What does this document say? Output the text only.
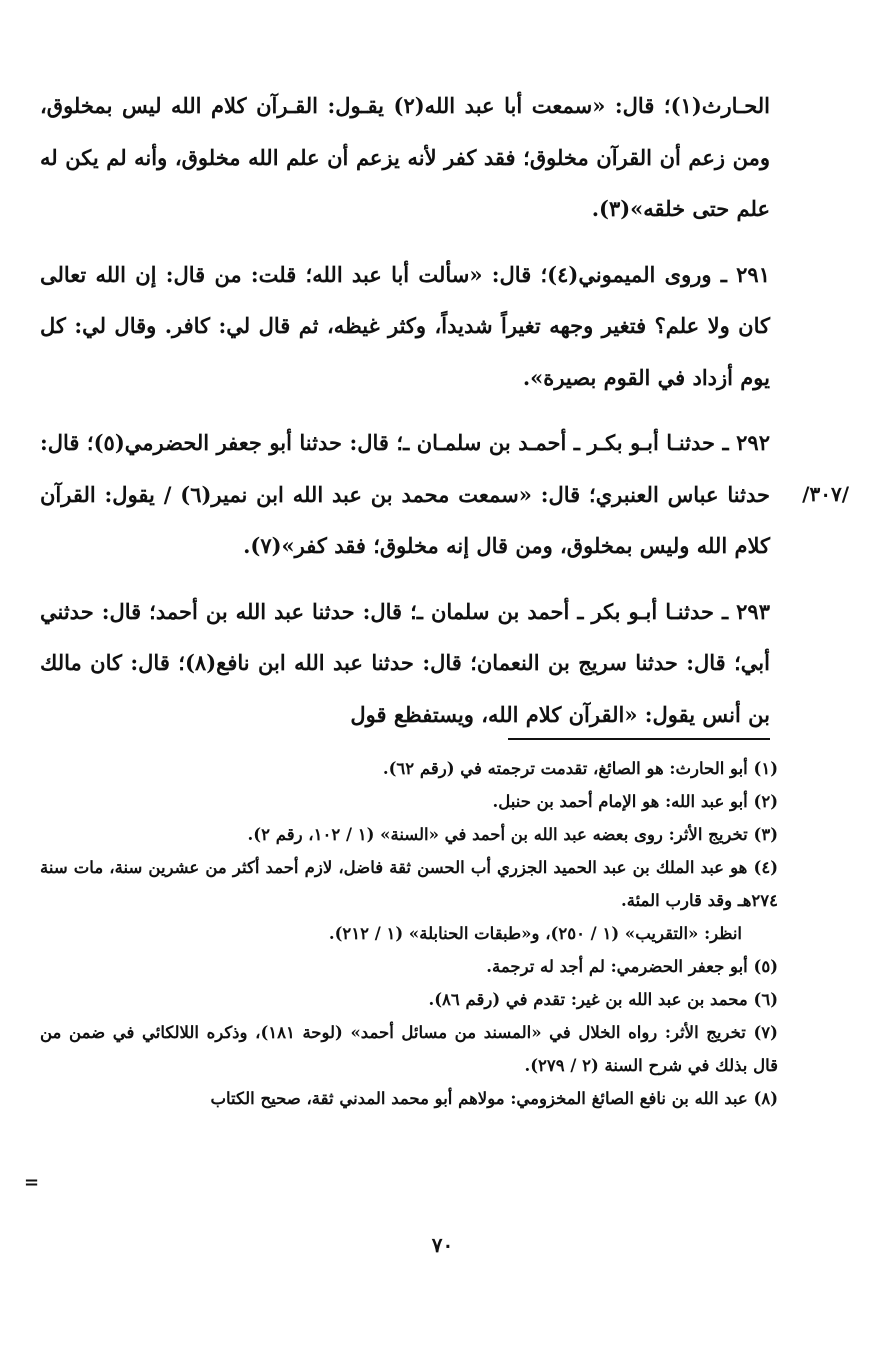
الحـارث(١)؛ قال: «سمعت أبا عبد الله(٢) يقـول: القـرآن كلام الله ليس بمخلوق، ومن زعم أن القرآن مخلوق؛ فقد كفر لأنه يزعم أن علم الله مخلوق، وأنه لم يكن له علم حتى خلقه»(٣).

٢٩١ ـ وروى الميموني(٤)؛ قال: «سألت أبا عبد الله؛ قلت: من قال: إن الله تعالى كان ولا علم؟ فتغير وجهه تغيراً شديداً، وكثر غيظه، ثم قال لي: كافر. وقال لي: كل يوم أزداد في القوم بصيرة».

٢٩٢ ـ حدثنـا أبـو بكـر ـ أحمـد بن سلمـان ـ؛ قال: حدثنا أبو جعفر الحضرمي(٥)؛ قال: حدثنا عباس العنبري؛ قال: «سمعت محمد بن عبد الله ابن نمير(٦) / يقول: القرآن كلام الله وليس بمخلوق، ومن قال إنه مخلوق؛ فقد كفر»(٧).

٢٩٣ ـ حدثنـا أبـو بكر ـ أحمد بن سلمان ـ؛ قال: حدثنا عبد الله بن أحمد؛ قال: حدثني أبي؛ قال: حدثنا سريج بن النعمان؛ قال: حدثنا عبد الله ابن نافع(٨)؛ قال: كان مالك بن أنس يقول: «القرآن كلام الله، ويستفظع قول

/٣٠٧/

(١) أبو الحارث: هو الصائغ، تقدمت ترجمته في (رقم ٦٢).

(٢) أبو عبد الله: هو الإمام أحمد بن حنبل.

(٣) تخريج الأثر: روى بعضه عبد الله بن أحمد في «السنة» (١ / ١٠٢، رقم ٢).

(٤) هو عبد الملك بن عبد الحميد الجزري أب الحسن ثقة فاضل، لازم أحمد أكثر من عشرين سنة، مات سنة ٢٧٤هـ وقد قارب المئة.

انظر: «التقريب» (١ / ٢٥٠)، و«طبقات الحنابلة» (١ / ٢١٢).

(٥) أبو جعفر الحضرمي: لم أجد له ترجمة.

(٦) محمد بن عبد الله بن غير: تقدم في (رقم ٨٦).

(٧) تخريج الأثر: رواه الخلال في «المسند من مسائل أحمد» (لوحة ١٨١)، وذكره اللالكائي في ضمن من قال بذلك في شرح السنة (٢ / ٢٧٩).

(٨) عبد الله بن نافع الصائغ المخزومي: مولاهم أبو محمد المدني ثقة، صحيح الكتاب

=
٧٠
